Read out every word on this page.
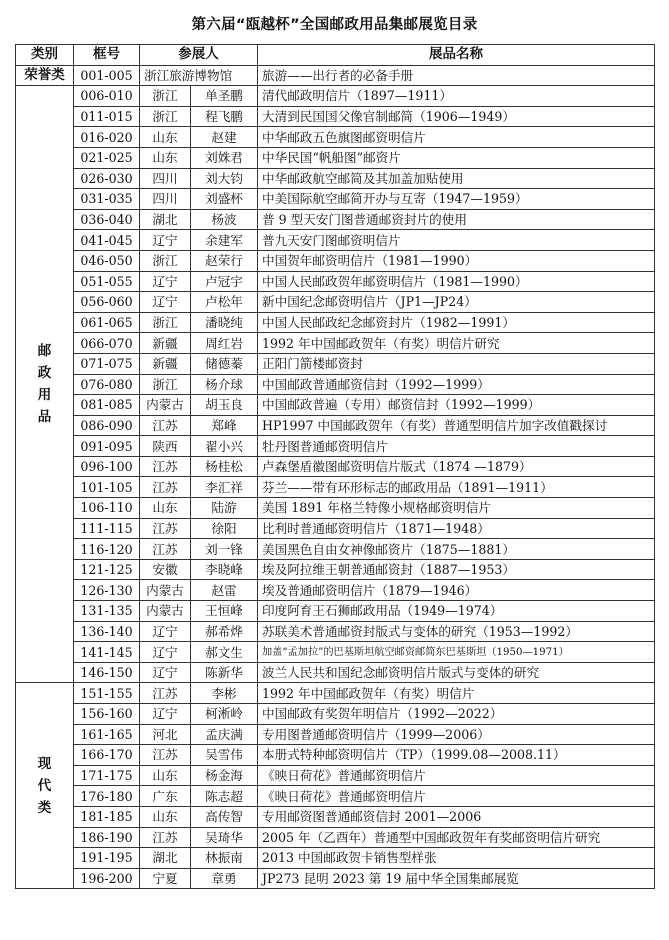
第六届“瓯越杯”全国邮政用品集邮展览目录
类别	框号	参展人		展品名称
荣誉类	001-005	浙江旅游博物馆		旅游——出行者的必备手册
邮政用品	006-010	浙江	单圣鹏	清代邮政明信片（1897—1911）
	011-015	浙江	程飞鹏	大清到民国国父像官制邮简（1906—1949）
	016-020	山东	赵建	中华邮政五色旗图邮资明信片
	021-025	山东	刘姝君	中华民国“帆船图”邮资片
	026-030	四川	刘大钧	中华邮政航空邮简及其加盖加贴使用
	031-035	四川	刘盛杯	中美国际航空邮简开办与互寄（1947—1959）
	036-040	湖北	杨波	普 9 型天安门图普通邮资封片的使用
	041-045	辽宁	余建军	普九天安门图邮资明信片
	046-050	浙江	赵荣行	中国贺年邮资明信片（1981—1990）
	051-055	辽宁	卢冠宇	中国人民邮政贺年邮资明信片（1981—1990）
	056-060	辽宁	卢松年	新中国纪念邮资明信片（JP1—JP24）
	061-065	浙江	潘晓纯	中国人民邮政纪念邮资封片（1982—1991）
	066-070	新疆	周红岩	1992 年中国邮政贺年（有奖）明信片研究
	071-075	新疆	储德蓁	正阳门箭楼邮资封
	076-080	浙江	杨介球	中国邮政普通邮资信封（1992—1999）
	081-085	内蒙古	胡玉良	中国邮政普遍（专用）邮资信封（1992—1999）
	086-090	江苏	郑峰	HP1997 中国邮政贺年（有奖）普通型明信片加字改值戳探讨
	091-095	陕西	翟小兴	牡丹图普通邮资明信片
	096-100	江苏	杨桂松	卢森堡盾徽图邮资明信片版式（1874 —1879）
	101-105	江苏	李汇祥	芬兰——带有环形标志的邮政用品（1891—1911）
	106-110	山东	陆游	美国 1891 年格兰特像小规格邮资明信片
	111-115	江苏	徐阳	比利时普通邮资明信片（1871—1948）
	116-120	江苏	刘一锋	美国黑色自由女神像邮资片（1875—1881）
	121-125	安徽	李晓峰	埃及阿拉维王朝普通邮资封（1887—1953）
	126-130	内蒙古	赵雷	埃及普通邮资明信片（1879—1946）
	131-135	内蒙古	王恒峰	印度阿育王石狮邮政用品（1949—1974）
	136-140	辽宁	郝希烨	苏联美术普通邮资封版式与变体的研究（1953—1992）
	141-145	辽宁	郝文生	加盖“孟加拉”的巴基斯坦航空邮资邮简东巴基斯坦（1950—1971）
	146-150	辽宁	陈新华	波兰人民共和国纪念邮资明信片版式与变体的研究
现代类	151-155	江苏	李彬	1992 年中国邮政贺年（有奖）明信片
	156-160	辽宁	柯淅岭	中国邮政有奖贺年明信片（1992—2022）
	161-165	河北	孟庆满	专用图普通邮资明信片（1999—2006）
	166-170	江苏	吴雪伟	本册式特种邮资明信片（TP）（1999.08—2008.11）
	171-175	山东	杨金海	《映日荷花》普通邮资明信片
	176-180	广东	陈志超	《映日荷花》普通邮资明信片
	181-185	山东	高传智	专用邮资图普通邮资信封 2001—2006
	186-190	江苏	吴琦华	2005 年（乙酉年）普通型中国邮政贺年有奖邮资明信片研究
	191-195	湖北	林振南	2013 中国邮政贺卡销售型样张
	196-200	宁夏	章勇	JP273 昆明 2023 第 19 届中华全国集邮展览
